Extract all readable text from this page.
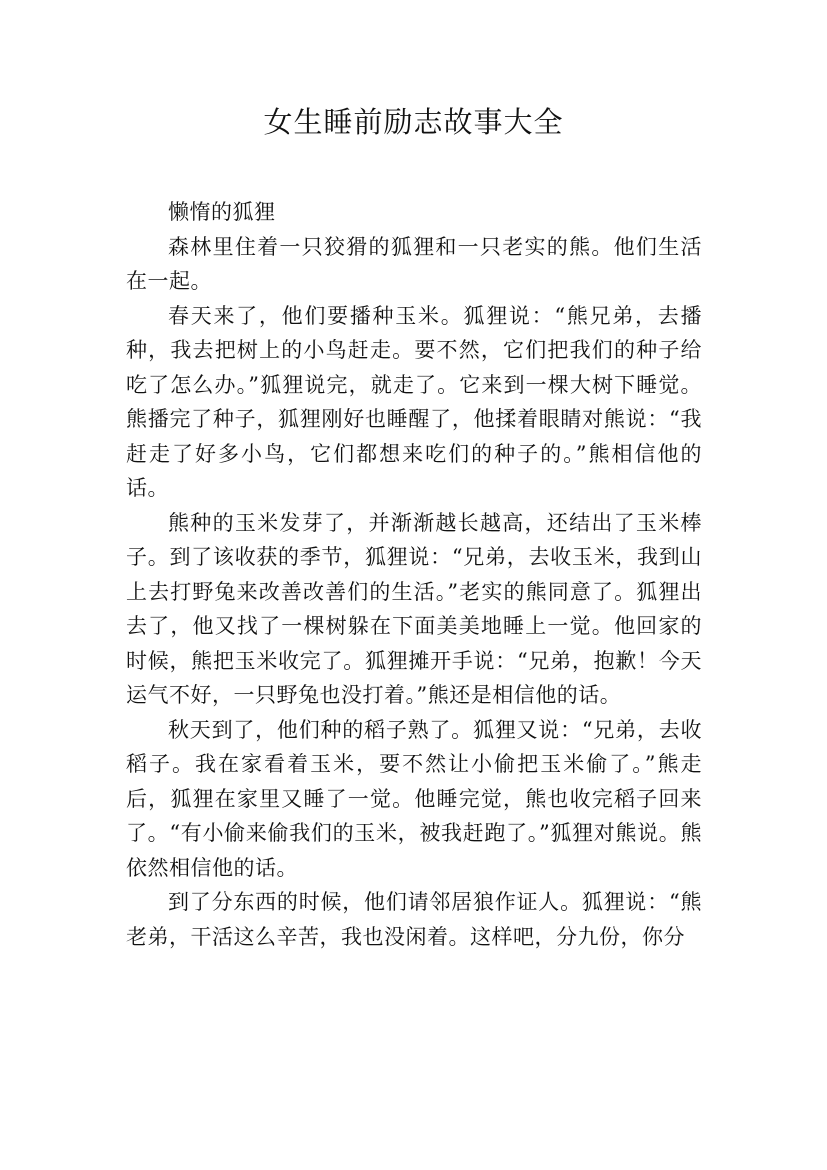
女生睡前励志故事大全

懒惰的狐狸

森林里住着一只狡猾的狐狸和一只老实的熊。他们生活在一起。

春天来了，他们要播种玉米。狐狸说：“熊兄弟，去播种，我去把树上的小鸟赶走。要不然，它们把我们的种子给吃了怎么办。”狐狸说完，就走了。它来到一棵大树下睡觉。熊播完了种子，狐狸刚好也睡醒了，他揉着眼睛对熊说：“我赶走了好多小鸟，它们都想来吃们的种子的。”熊相信他的话。

熊种的玉米发芽了，并渐渐越长越高，还结出了玉米棒子。到了该收获的季节，狐狸说：“兄弟，去收玉米，我到山上去打野兔来改善改善们的生活。”老实的熊同意了。狐狸出去了，他又找了一棵树躲在下面美美地睡上一觉。他回家的时候，熊把玉米收完了。狐狸摊开手说：“兄弟，抱歉！今天运气不好，一只野兔也没打着。”熊还是相信他的话。

秋天到了，他们种的稻子熟了。狐狸又说：“兄弟，去收稻子。我在家看着玉米，要不然让小偷把玉米偷了。”熊走后，狐狸在家里又睡了一觉。他睡完觉，熊也收完稻子回来了。“有小偷来偷我们的玉米，被我赶跑了。”狐狸对熊说。熊依然相信他的话。

到了分东西的时候，他们请邻居狼作证人。狐狸说：“熊老弟，干活这么辛苦，我也没闲着。这样吧，分九份，你分
